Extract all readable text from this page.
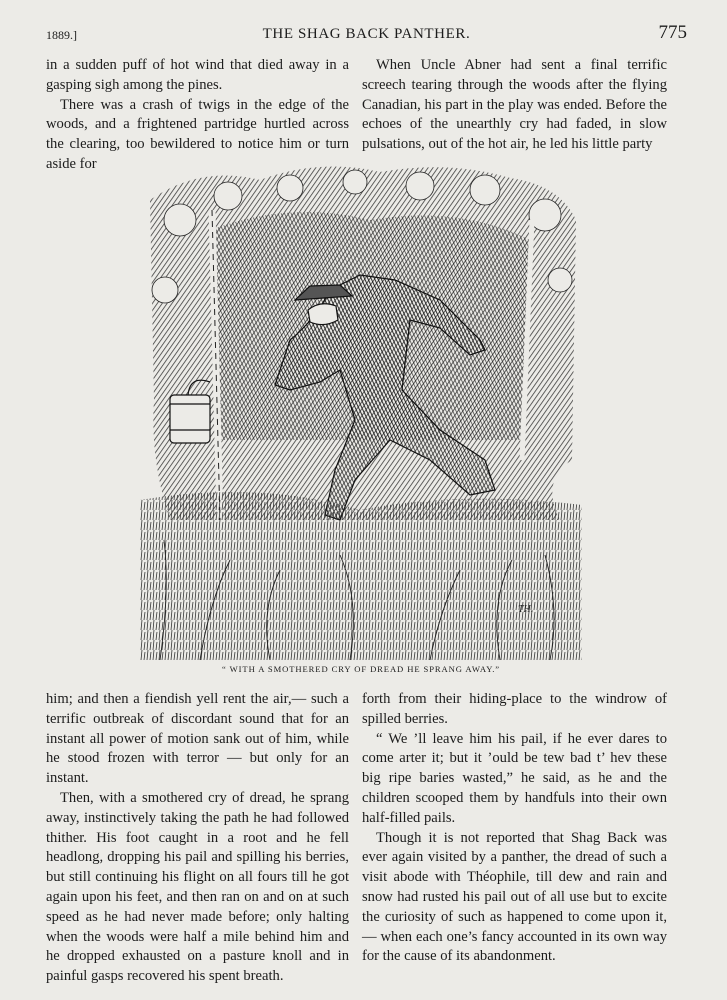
1889.]	THE SHAG BACK PANTHER.	775

in a sudden puff of hot wind that died away in a gasping sigh among the pines.

There was a crash of twigs in the edge of the woods, and a frightened partridge hurtled across the clearing, too bewildered to notice him or turn aside for

When Uncle Abner had sent a final terrific screech tearing through the woods after the flying Canadian, his part in the play was ended. Before the echoes of the unearthly cry had faded, in slow pulsations, out of the hot air, he led his little party

TH.
“ WITH A SMOTHERED CRY OF DREAD HE SPRANG AWAY.”

him; and then a fiendish yell rent the air,— such a terrific outbreak of discordant sound that for an instant all power of motion sank out of him, while he stood frozen with terror — but only for an instant.

Then, with a smothered cry of dread, he sprang away, instinctively taking the path he had followed thither. His foot caught in a root and he fell headlong, dropping his pail and spilling his berries, but still continuing his flight on all fours till he got again upon his feet, and then ran on and on at such speed as he had never made before; only halting when the woods were half a mile behind him and he dropped exhausted on a pasture knoll and in painful gasps recovered his spent breath.

forth from their hiding-place to the windrow of spilled berries.

“ We ’ll leave him his pail, if he ever dares to come arter it; but it ’ould be tew bad t’ hev these big ripe baries wasted,” he said, as he and the children scooped them by handfuls into their own half-filled pails.

Though it is not reported that Shag Back was ever again visited by a panther, the dread of such a visit abode with Théophile, till dew and rain and snow had rusted his pail out of all use but to excite the curiosity of such as happened to come upon it,— when each one’s fancy accounted in its own way for the cause of its abandonment.
